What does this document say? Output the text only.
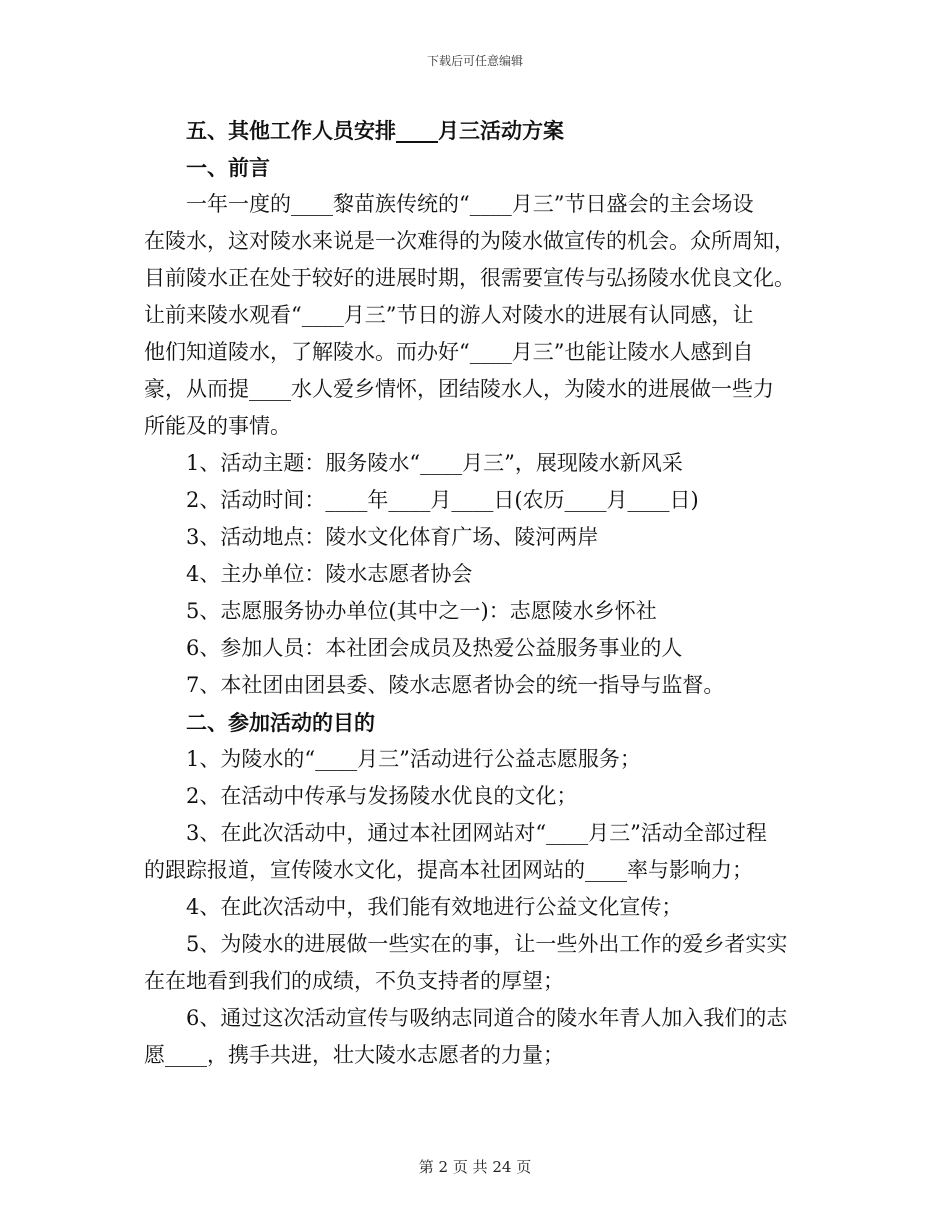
下载后可任意编辑

五、其他工作人员安排____月三活动方案

一、前言

一年一度的____黎苗族传统的“____月三”节日盛会的主会场设

在陵水，这对陵水来说是一次难得的为陵水做宣传的机会。众所周知，

目前陵水正在处于较好的进展时期，很需要宣传与弘扬陵水优良文化。

让前来陵水观看“____月三”节日的游人对陵水的进展有认同感，让

他们知道陵水，了解陵水。而办好“____月三”也能让陵水人感到自

豪，从而提____水人爱乡情怀，团结陵水人，为陵水的进展做一些力

所能及的事情。

1、活动主题：服务陵水“____月三”，展现陵水新风采

2、活动时间：____年____月____日(农历____月____日)

3、活动地点：陵水文化体育广场、陵河两岸

4、主办单位：陵水志愿者协会

5、志愿服务协办单位(其中之一)：志愿陵水乡怀社

6、参加人员：本社团会成员及热爱公益服务事业的人

7、本社团由团县委、陵水志愿者协会的统一指导与监督。

二、参加活动的目的

1、为陵水的“____月三”活动进行公益志愿服务；

2、在活动中传承与发扬陵水优良的文化；

3、在此次活动中，通过本社团网站对“____月三”活动全部过程

的跟踪报道，宣传陵水文化，提高本社团网站的____率与影响力；

4、在此次活动中，我们能有效地进行公益文化宣传；

5、为陵水的进展做一些实在的事，让一些外出工作的爱乡者实实

在在地看到我们的成绩，不负支持者的厚望；

6、通过这次活动宣传与吸纳志同道合的陵水年青人加入我们的志

愿____，携手共进，壮大陵水志愿者的力量；

第 2 页 共 24 页
